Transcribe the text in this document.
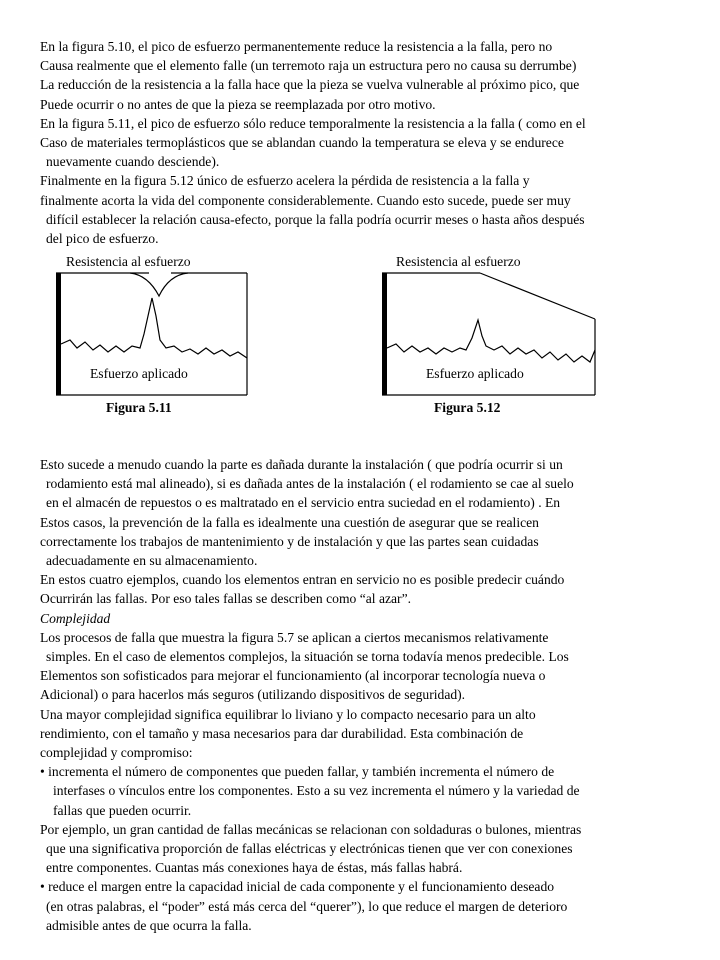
En la figura 5.10, el pico de esfuerzo permanentemente reduce la resistencia a la falla, pero no

Causa realmente que el elemento falle (un terremoto raja un estructura pero no causa su derrumbe)

La reducción de la resistencia a la falla hace que la pieza se vuelva vulnerable al próximo pico, que

Puede ocurrir o no antes de que la pieza se reemplazada por otro motivo.

En la figura 5.11, el pico de esfuerzo sólo reduce temporalmente la resistencia a la falla ( como en el

Caso de materiales termoplásticos que se ablandan cuando la temperatura se eleva y se endurece

nuevamente cuando desciende).

Finalmente en la figura 5.12 único de esfuerzo acelera la pérdida de resistencia a la falla y

finalmente acorta la vida del componente considerablemente. Cuando esto sucede, puede ser muy

difícil establecer la relación causa-efecto, porque la falla podría ocurrir meses o hasta años después

del pico de esfuerzo.

Resistencia al esfuerzo
Esfuerzo aplicado
Figura 5.11
Resistencia al esfuerzo
Esfuerzo aplicado
Figura 5.12

Esto sucede a menudo cuando la parte es dañada durante la instalación ( que podría ocurrir si un

rodamiento está mal alineado), si es dañada antes de la instalación ( el rodamiento se cae al suelo

en el almacén de repuestos o es maltratado en el servicio entra suciedad en el rodamiento) . En

Estos casos, la prevención de la falla es idealmente una cuestión de asegurar que se realicen

correctamente los trabajos de mantenimiento y de instalación y que las partes sean cuidadas

adecuadamente en su almacenamiento.

En estos cuatro ejemplos, cuando los elementos entran en servicio no es posible predecir cuándo

Ocurrirán las fallas. Por eso tales fallas se describen como “al azar”.

Complejidad

Los procesos de falla que muestra la figura 5.7 se aplican a ciertos mecanismos relativamente

simples. En el caso de elementos complejos, la situación se torna todavía menos predecible. Los

Elementos son sofisticados para mejorar el funcionamiento (al incorporar tecnología nueva o

Adicional) o para hacerlos más seguros (utilizando dispositivos de seguridad).

Una mayor complejidad significa equilibrar lo liviano y lo compacto necesario para un alto

rendimiento, con el tamaño y masa necesarios para dar durabilidad. Esta combinación de

complejidad y compromiso:

• incrementa el número de componentes que pueden fallar, y también incrementa el número de

interfases o vínculos entre los componentes. Esto a su vez incrementa el número y la variedad de

fallas que pueden ocurrir.

Por ejemplo, un gran cantidad de fallas mecánicas se relacionan con soldaduras o bulones, mientras

que una significativa proporción de fallas eléctricas y electrónicas tienen que ver con conexiones

entre componentes. Cuantas más conexiones haya de éstas, más fallas habrá.

• reduce el margen entre la capacidad inicial de cada componente y el funcionamiento deseado

(en otras palabras, el “poder” está más cerca del “querer”), lo que reduce el margen de deterioro

admisible antes de que ocurra la falla.
